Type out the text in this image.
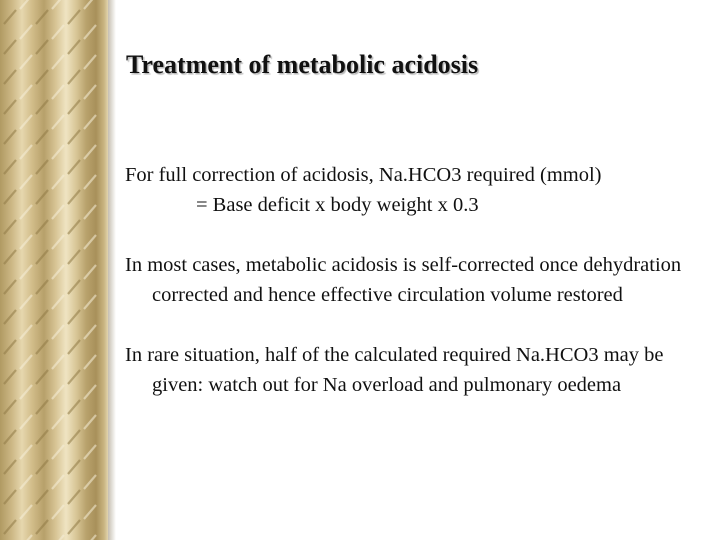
Treatment of metabolic acidosis

For full correction of acidosis, Na.HCO3 required (mmol)
= Base deficit x body weight x 0.3

In most cases, metabolic acidosis is self-corrected once dehydration corrected and hence effective circulation volume restored

In rare situation, half of the calculated required Na.HCO3 may be given: watch out for Na overload and pulmonary oedema
